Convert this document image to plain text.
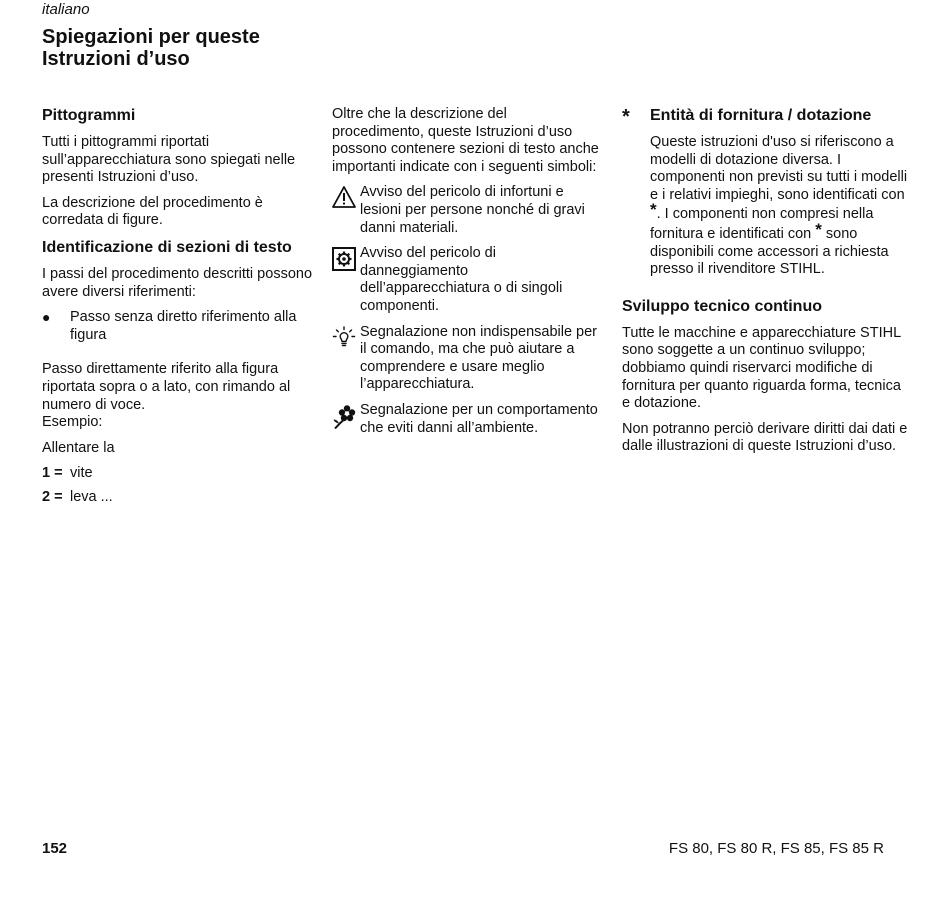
italiano
Spiegazioni per queste
Istruzioni d’uso
Pittogrammi

Tutti i pittogrammi riportati sull’apparecchiatura sono spiegati nelle presenti Istruzioni d’uso.

La descrizione del procedimento è corredata di figure.

Identificazione di sezioni di testo

I passi del procedimento descritti possono avere diversi riferimenti:

●	Passo senza diretto riferimento alla figura

Passo direttamente riferito alla figura riportata sopra o a lato, con rimando al numero di voce.

Esempio:

Allentare la

1 = vite
2 = leva ...

Oltre che la descrizione del procedimento, queste Istruzioni d’uso possono contenere sezioni di testo anche importanti indicate con i seguenti simboli:

Avviso del pericolo di infortuni e lesioni per persone nonché di gravi danni materiali.
Avviso del pericolo di danneggiamento dell’apparecchiatura o di singoli componenti.
Segnalazione non indispensabile per il comando, ma che può aiutare a comprendere e usare meglio l’apparecchiatura.
Segnalazione per un comportamento che eviti danni all’ambiente.
*	Entità di fornitura / dotazione

Queste istruzioni d'uso si riferiscono a modelli di dotazione diversa. I componenti non previsti su tutti i modelli e i relativi impieghi, sono identificati con *. I componenti non compresi nella fornitura e identificati con * sono disponibili come accessori a richiesta presso il rivenditore STIHL.

Sviluppo tecnico continuo

Tutte le macchine e apparecchiature STIHL sono soggette a un continuo sviluppo; dobbiamo quindi riservarci modifiche di fornitura per quanto riguarda forma, tecnica e dotazione.

Non potranno perciò derivare diritti dai dati e dalle illustrazioni di queste Istruzioni d’uso.

152	FS 80, FS 80 R, FS 85, FS 85 R
